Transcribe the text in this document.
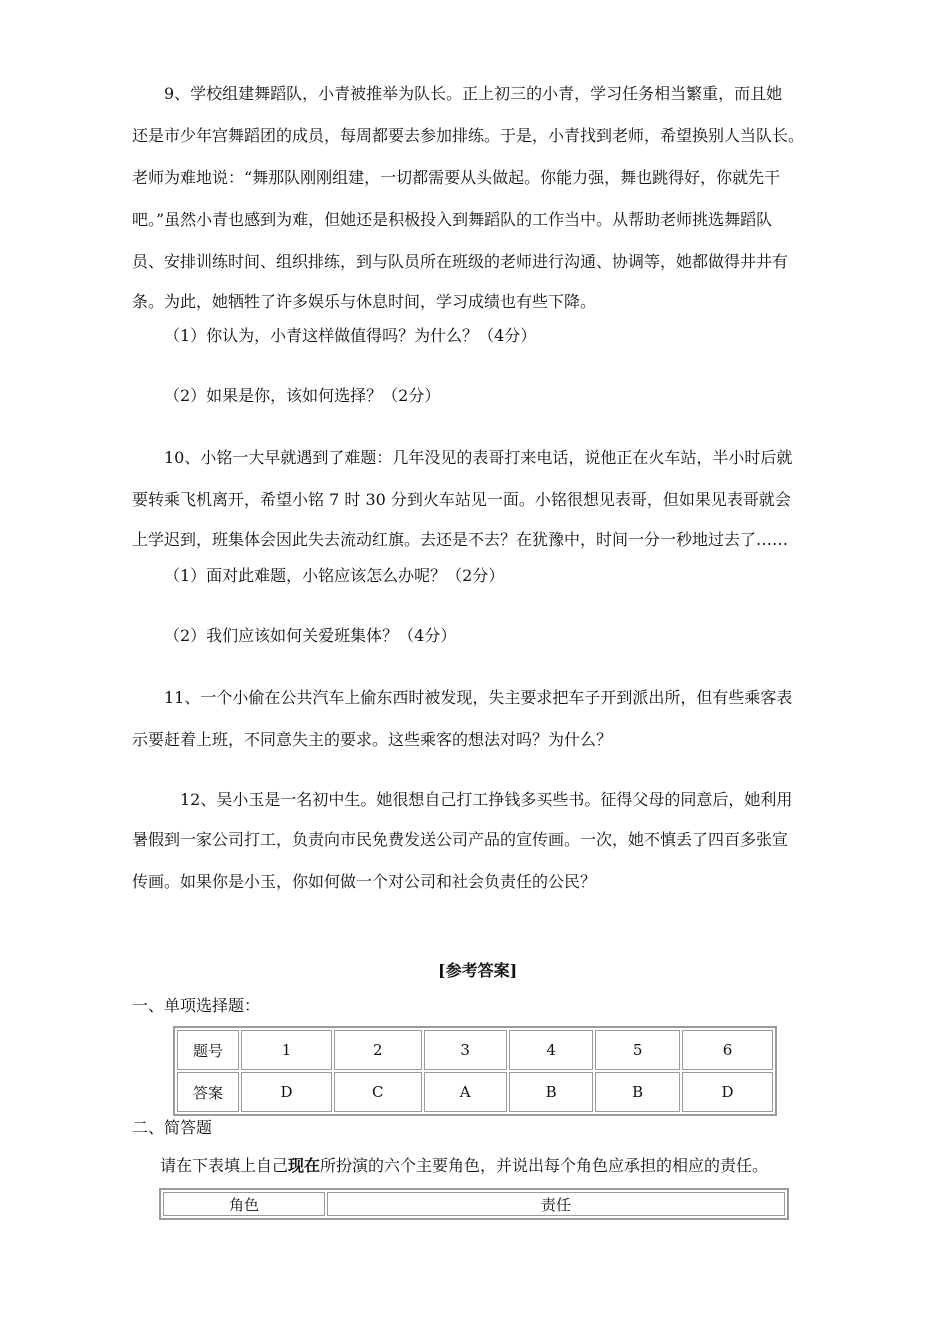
9、学校组建舞蹈队，小青被推举为队长。正上初三的小青，学习任务相当繁重，而且她
还是市少年宫舞蹈团的成员，每周都要去参加排练。于是，小青找到老师，希望换别人当队长。
老师为难地说：“舞那队刚刚组建，一切都需要从头做起。你能力强，舞也跳得好，你就先干
吧。”虽然小青也感到为难，但她还是积极投入到舞蹈队的工作当中。从帮助老师挑选舞蹈队
员、安排训练时间、组织排练，到与队员所在班级的老师进行沟通、协调等，她都做得井井有
条。为此，她牺牲了许多娱乐与休息时间，学习成绩也有些下降。
（1）你认为，小青这样做值得吗？为什么？（4分）
（2）如果是你，该如何选择？（2分）
10、小铭一大早就遇到了难题：几年没见的表哥打来电话，说他正在火车站，半小时后就
要转乘飞机离开，希望小铭 7 时 30 分到火车站见一面。小铭很想见表哥，但如果见表哥就会
上学迟到，班集体会因此失去流动红旗。去还是不去？在犹豫中，时间一分一秒地过去了……
（1）面对此难题，小铭应该怎么办呢？（2分）
（2）我们应该如何关爱班集体？（4分）
11、一个小偷在公共汽车上偷东西时被发现，失主要求把车子开到派出所，但有些乘客表
示要赶着上班，不同意失主的要求。这些乘客的想法对吗？为什么？
12、吴小玉是一名初中生。她很想自己打工挣钱多买些书。征得父母的同意后，她利用
暑假到一家公司打工，负责向市民免费发送公司产品的宣传画。一次，她不慎丢了四百多张宣
传画。如果你是小玉，你如何做一个对公司和社会负责任的公民？
[参考答案]
一、单项选择题：
题号	1	2	3	4	5	6
答案	D	C	A	B	B	D
二、简答题
请在下表填上自己现在所扮演的六个主要角色，并说出每个角色应承担的相应的责任。
角色	责任
